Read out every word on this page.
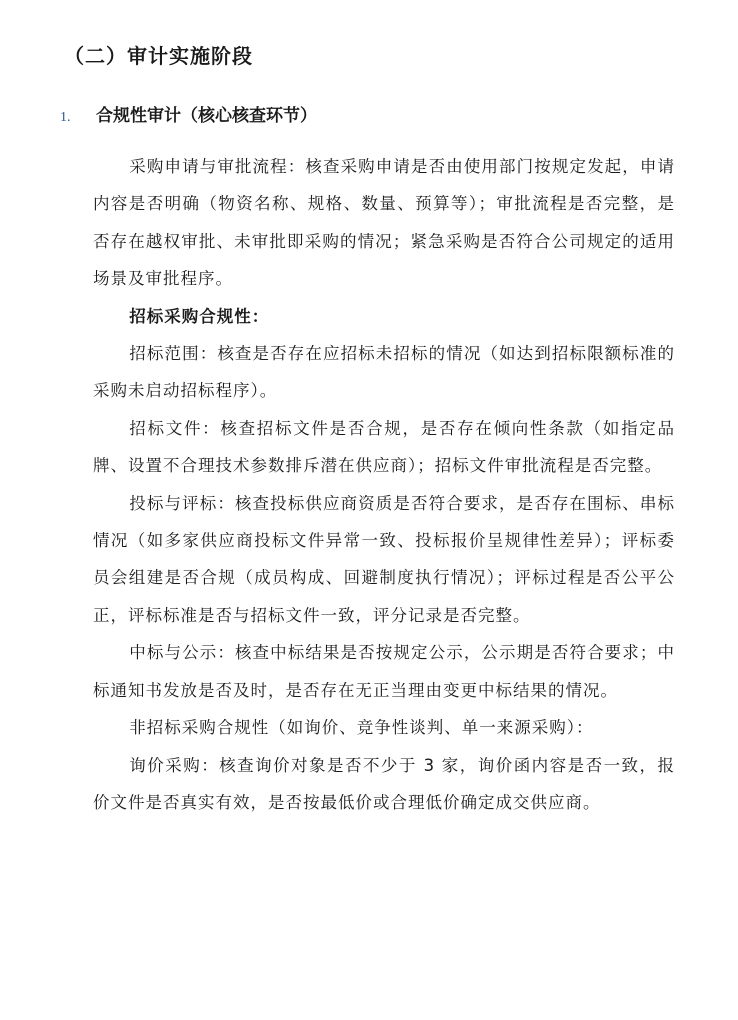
（二）审计实施阶段
1. 合规性审计（核心核查环节）

采购申请与审批流程：核查采购申请是否由使用部门按规定发起，申请内容是否明确（物资名称、规格、数量、预算等）；审批流程是否完整，是否存在越权审批、未审批即采购的情况；紧急采购是否符合公司规定的适用场景及审批程序。

招标采购合规性：

招标范围：核查是否存在应招标未招标的情况（如达到招标限额标准的采购未启动招标程序）。

招标文件：核查招标文件是否合规，是否存在倾向性条款（如指定品牌、设置不合理技术参数排斥潜在供应商）；招标文件审批流程是否完整。

投标与评标：核查投标供应商资质是否符合要求，是否存在围标、串标情况（如多家供应商投标文件异常一致、投标报价呈规律性差异）；评标委员会组建是否合规（成员构成、回避制度执行情况）；评标过程是否公平公正，评标标准是否与招标文件一致，评分记录是否完整。

中标与公示：核查中标结果是否按规定公示，公示期是否符合要求；中标通知书发放是否及时，是否存在无正当理由变更中标结果的情况。

非招标采购合规性（如询价、竞争性谈判、单一来源采购）：

询价采购：核查询价对象是否不少于 3 家，询价函内容是否一致，报价文件是否真实有效，是否按最低价或合理低价确定成交供应商。
